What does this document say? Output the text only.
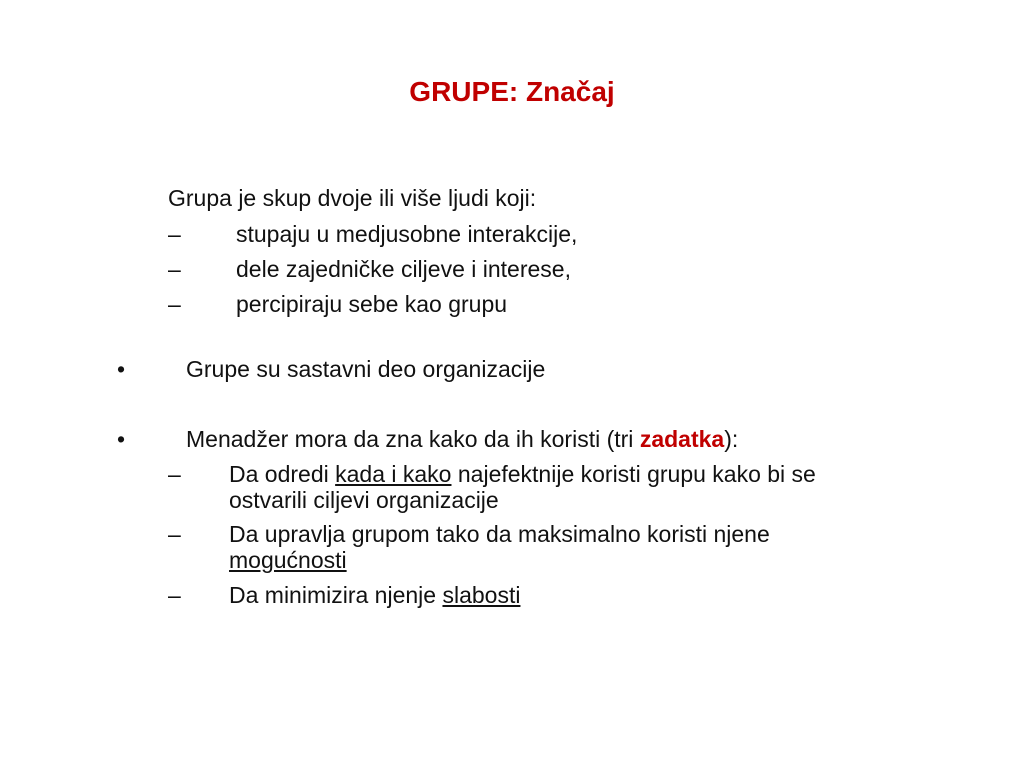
GRUPE: Značaj
Grupa je skup dvoje ili više ljudi koji:
– stupaju u medjusobne interakcije,
– dele zajedničke ciljeve i interese,
– percipiraju sebe kao grupu
•	Grupe su sastavni deo organizacije
•	Menadžer mora da zna kako da ih koristi (tri zadatka):
– Da odredi kada i kako najefektnije koristi grupu kako bi se
ostvarili ciljevi organizacije
– Da upravlja grupom tako da maksimalno koristi njene
mogućnosti
– Da minimizira njenje slabosti
